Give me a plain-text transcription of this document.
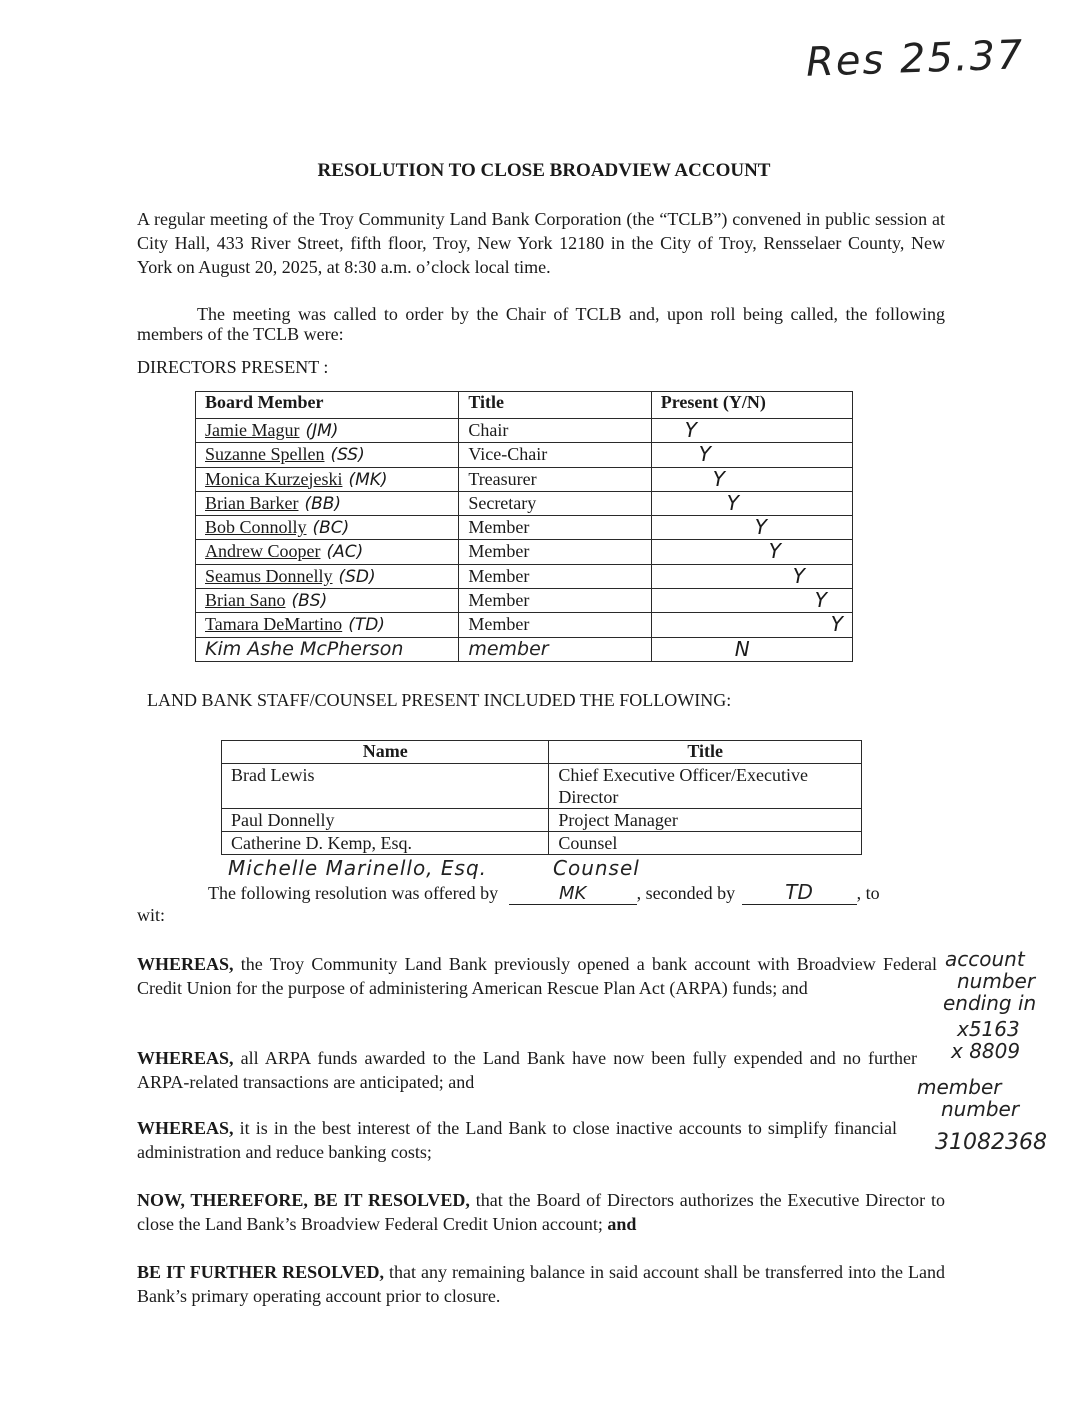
Res 25.37
RESOLUTION TO CLOSE BROADVIEW ACCOUNT
A regular meeting of the Troy Community Land Bank Corporation (the “TCLB”) convened in public session at City Hall, 433 River Street, fifth floor, Troy, New York 12180 in the City of Troy, Rensselaer County, New York on August 20, 2025, at 8:30 a.m. o’clock local time.
The meeting was called to order by the Chair of TCLB and, upon roll being called, the following members of the TCLB were:
DIRECTORS PRESENT :
Board Member	Title	Present (Y/N)
Jamie Magur (JM)	Chair	Y
Suzanne Spellen (SS)	Vice-Chair	Y
Monica Kurzejeski (MK)	Treasurer	Y
Brian Barker (BB)	Secretary	Y
Bob Connolly (BC)	Member	Y
Andrew Cooper (AC)	Member	Y
Seamus Donnelly (SD)	Member	Y
Brian Sano (BS)	Member	Y
Tamara DeMartino (TD)	Member	Y
Kim Ashe McPherson	member	N
LAND BANK STAFF/COUNSEL PRESENT INCLUDED THE FOLLOWING:
Name	Title
Brad Lewis	Chief Executive Officer/Executive Director
Paul Donnelly	Project Manager
Catherine D. Kemp, Esq.	Counsel
Michelle Marinello, Esq.	Counsel
The following resolution was offered by	MK	, seconded by	TD , to
wit:
WHEREAS, the Troy Community Land Bank previously opened a bank account with Broadview Federal Credit Union for the purpose of administering American Rescue Plan Act (ARPA) funds; and
WHEREAS, all ARPA funds awarded to the Land Bank have now been fully expended and no further ARPA-related transactions are anticipated; and
WHEREAS, it is in the best interest of the Land Bank to close inactive accounts to simplify financial administration and reduce banking costs;
NOW, THEREFORE, BE IT RESOLVED, that the Board of Directors authorizes the Executive Director to close the Land Bank’s Broadview Federal Credit Union account; and
BE IT FURTHER RESOLVED, that any remaining balance in said account shall be transferred into the Land Bank’s primary operating account prior to closure.
account
number
ending in
x5163
x 8809
member
number
31082368
